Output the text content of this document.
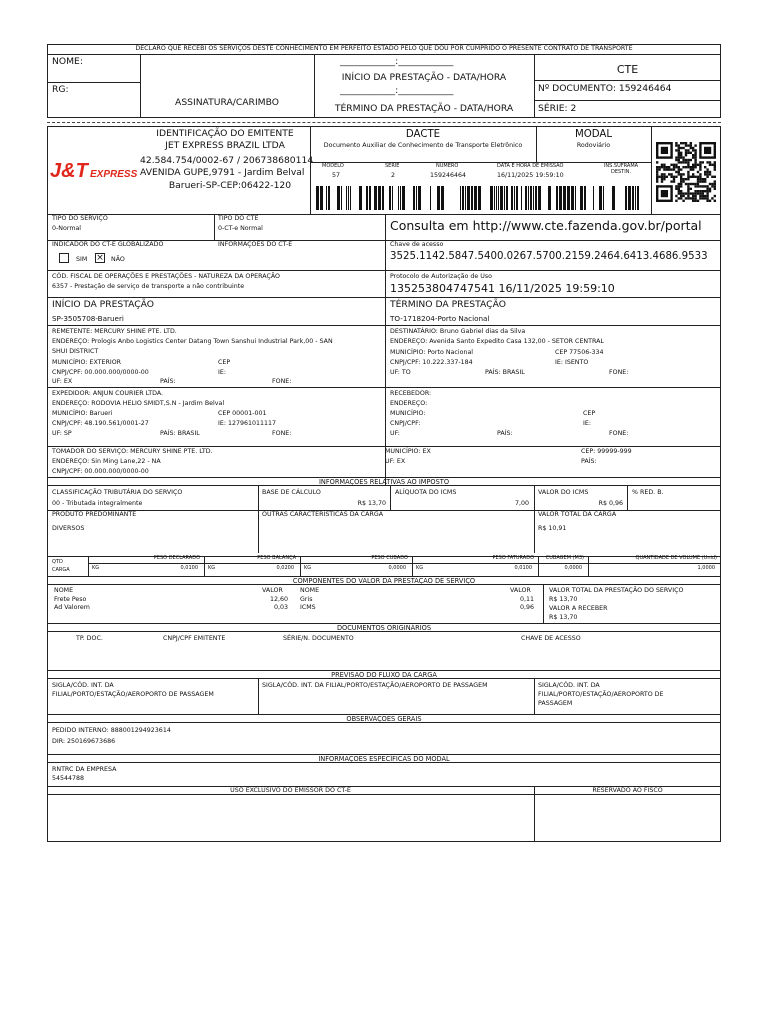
DECLARO QUE RECEBI OS SERVIÇOS DESTE CONHECIMENTO EM PERFEITO ESTADO PELO QUE DOU POR CUMPRIDO O PRESENTE CONTRATO DE TRANSPORTE
NOME:
RG:
ASSINATURA/CARIMBO
____________:____________
INÍCIO DA PRESTAÇÃO - DATA/HORA
____________:____________
TÉRMINO DA PRESTAÇÃO - DATA/HORA
CTE
Nº DOCUMENTO: 159246464
SÉRIE: 2
J&T EXPRESS
IDENTIFICAÇÃO DO EMITENTE
JET EXPRESS BRAZIL LTDA
42.584.754/0002-67 / 206738680114
AVENIDA GUPE,9791 - Jardim Belval
Barueri-SP-CEP:06422-120
DACTE
Documento Auxiliar de Conhecimento de Transporte Eletrônico
MODAL
Rodoviário
MODELO
57
SÉRIE
2
NÚMERO
159246464
DATA E HORA DE EMISSÃO
16/11/2025 19:59:10
INS.SUFRAMA DESTIN.
TIPO DO SERVIÇO
0-Normal
TIPO DO CTE
0-CT-e Normal	Consulta em http://www.cte.fazenda.gov.br/portal
INDICADOR DO CT-E GLOBALIZADO	INFORMAÇÕES DO CT-E
SIM × NÃO
Chave de acesso
3525.1142.5847.5400.0267.5700.2159.2464.6413.4686.9533
CÓD. FISCAL DE OPERAÇÕES E PRESTAÇÕES - NATUREZA DA OPERAÇÃO
6357 - Prestação de serviço de transporte a não contribuinte
Protocolo de Autorização de Uso
135253804747541 16/11/2025 19:59:10
INÍCIO DA PRESTAÇÃO
SP-3505708-Barueri
TÉRMINO DA PRESTAÇÃO
TO-1718204-Porto Nacional
REMETENTE: MERCURY SHINE PTE. LTD.
ENDEREÇO: Prologis Anbo Logistics Center Datang Town Sanshui Industrial Park,00 - SAN
SHUI DISTRICT
MUNICÍPIO: EXTERIOR	CEP
CNPJ/CPF: 00.000.000/0000-00	IE:
UF: EX	PAÍS:	FONE:
DESTINATÁRIO: Bruno Gabriel dias da Silva
ENDEREÇO: Avenida Santo Expedito Casa 132,00 - SETOR CENTRAL
MUNICÍPIO: Porto Nacional	CEP 77506-334
CNPJ/CPF: 10.222.337-184	IE: ISENTO
UF: TO	PAÍS: BRASIL	FONE:
EXPEDIDOR: ANJUN COURIER LTDA.
ENDEREÇO: RODOVIA HELIO SMIDT,S.N - Jardim Belval
MUNICÍPIO: Barueri	CEP 00001-001
CNPJ/CPF: 48.190.561/0001-27	IE: 127961011117
UF: SP	PAÍS: BRASIL	FONE:
RECEBEDOR:
ENDEREÇO:
MUNICÍPIO:	CEP
CNPJ/CPF:	IE:
UF:	PAÍS:	FONE:
TOMADOR DO SERVIÇO: MERCURY SHINE PTE. LTD.	MUNICÍPIO: EX	CEP: 99999-999
ENDEREÇO: Sin Ming Lane,22 - NA	UF: EX	PAÍS:
CNPJ/CPF: 00.000.000/0000-00
INFORMAÇÕES RELATIVAS AO IMPOSTO
CLASSIFICAÇÃO TRIBUTÁRIA DO SERVIÇO
00 - Tributada integralmente
BASE DE CÁLCULO
R$ 13,70
ALÍQUOTA DO ICMS
7,00
VALOR DO ICMS
R$ 0,96
% RED. B.
PRODUTO PREDOMINANTE
DIVERSOS
OUTRAS CARACTERÍSTICAS DA CARGA	VALOR TOTAL DA CARGA
R$ 10,91
QTD
CARGA
PESO DECLARADO
KG	0,0100
PESO BALANÇA
KG	0,0200
PESO CUBADO
KG	0,0000
PESO FATURADO
KG	0,0100
CUBAGEM (M3)
0,0000
QUANTIDADE DE VOLUME (Unid)
1,0000
COMPONENTES DO VALOR DA PRESTAÇÃO DE SERVIÇO
NOME	VALOR
Frete Peso	12,60
Ad Valorem	0,03
NOME	VALOR
Gris	0,11
ICMS	0,96
VALOR TOTAL DA PRESTAÇÃO DO SERVIÇO
R$ 13,70
VALOR A RECEBER
R$ 13,70
DOCUMENTOS ORIGINÁRIOS
TP. DOC.	CNPJ/CPF EMITENTE	SÉRIE/N. DOCUMENTO	CHAVE DE ACESSO
PREVISÃO DO FLUXO DA CARGA
SIGLA/CÓD. INT. DA
FILIAL/PORTO/ESTAÇÃO/AEROPORTO DE PASSAGEM
SIGLA/CÓD. INT. DA FILIAL/PORTO/ESTAÇÃO/AEROPORTO DE PASSAGEM	SIGLA/CÓD. INT. DA
FILIAL/PORTO/ESTAÇÃO/AEROPORTO DE
PASSAGEM
OBSERVAÇÕES GERAIS
PEDIDO INTERNO: 888001294923614
DIR: 250169673686
INFORMAÇÕES ESPECÍFICAS DO MODAL
RNTRC DA EMPRESA
54544788
USO EXCLUSIVO DO EMISSOR DO CT-E	RESERVADO AO FISCO
